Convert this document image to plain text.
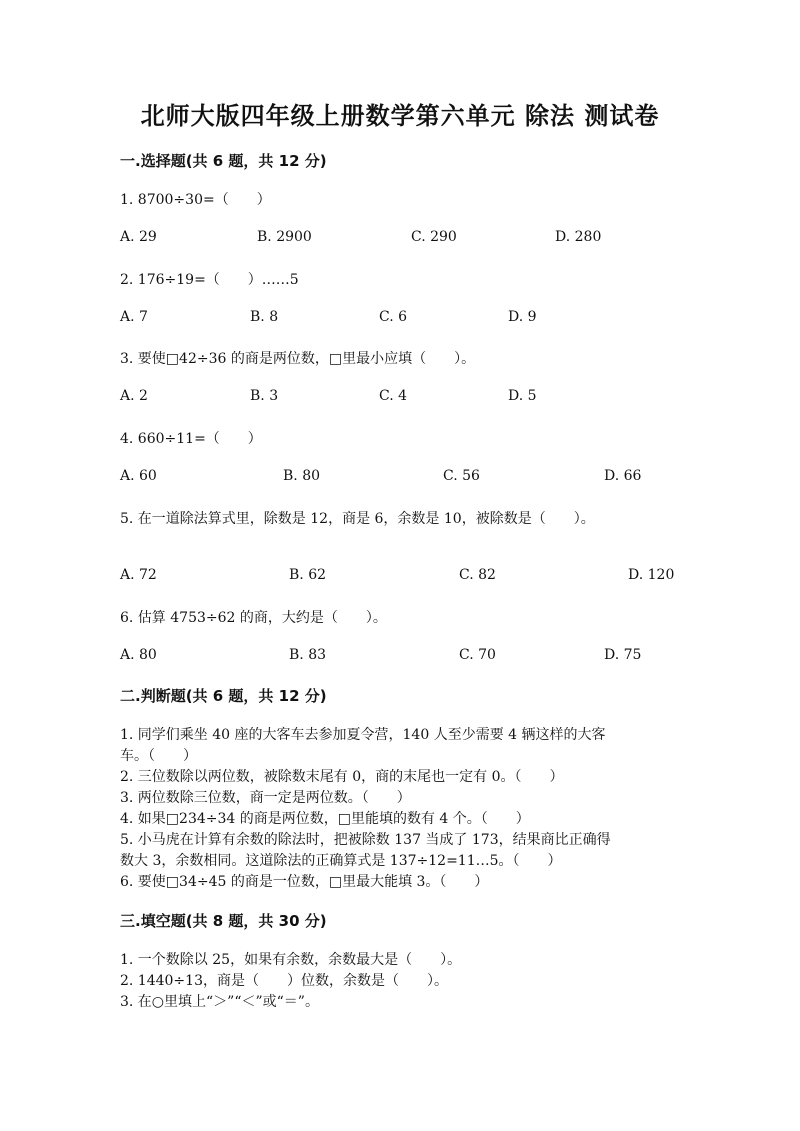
北师大版四年级上册数学第六单元 除法 测试卷
一.选择题(共 6 题，共 12 分)
1. 8700÷30=（　　）
A. 29	B. 2900	C. 290	D. 280
2. 176÷19=（　　）……5
A. 7	B. 8	C. 6	D. 9
3. 要使□42÷36 的商是两位数，□里最小应填（　　）。
A. 2	B. 3	C. 4	D. 5
4. 660÷11=（　　）
A. 60	B. 80	C. 56	D. 66
5. 在一道除法算式里，除数是 12，商是 6，余数是 10，被除数是（　　）。
A. 72	B. 62	C. 82	D. 120
6. 估算 4753÷62 的商，大约是（　　）。
A. 80	B. 83	C. 70	D. 75
二.判断题(共 6 题，共 12 分)
1. 同学们乘坐 40 座的大客车去参加夏令营，140 人至少需要 4 辆这样的大客
车。（　　）
2. 三位数除以两位数，被除数末尾有 0，商的末尾也一定有 0。（　　）
3. 两位数除三位数，商一定是两位数。（　　）
4. 如果□234÷34 的商是两位数，□里能填的数有 4 个。（　　）
5. 小马虎在计算有余数的除法时，把被除数 137 当成了 173，结果商比正确得
数大 3，余数相同。这道除法的正确算式是 137÷12=11…5。（　　）
6. 要使□34÷45 的商是一位数，□里最大能填 3。（　　）
三.填空题(共 8 题，共 30 分)
1. 一个数除以 25，如果有余数，余数最大是（　　）。
2. 1440÷13，商是（　　）位数，余数是（　　）。
3. 在○里填上“＞”“＜”或“＝”。
